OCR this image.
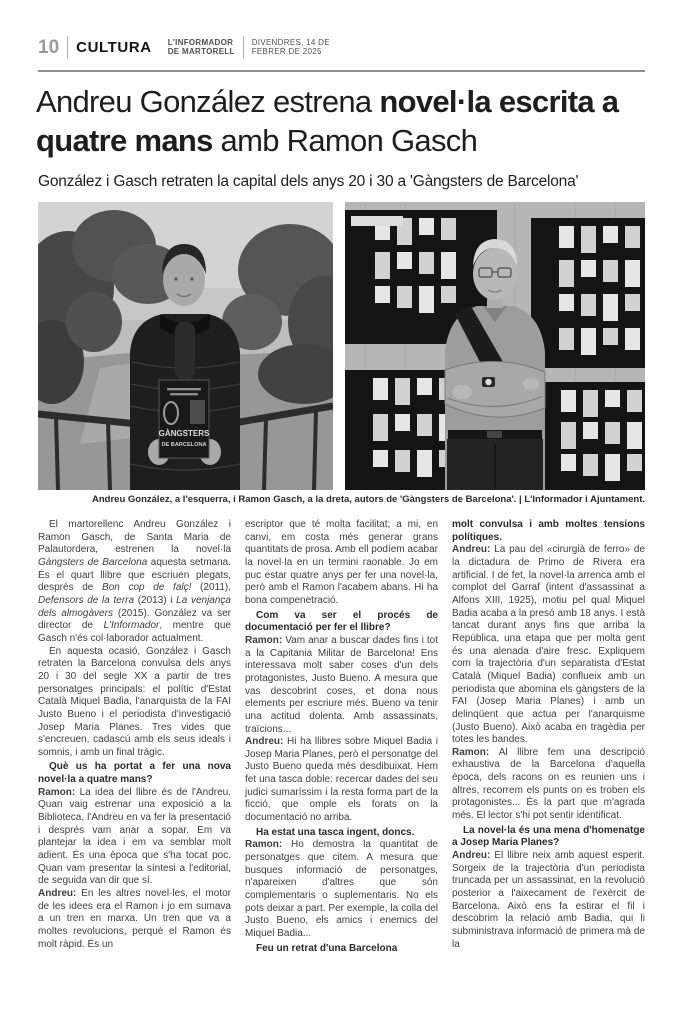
10 CULTURA L'INFORMADOR
DE MARTORELL
DIVENDRES, 14 DE
FEBRER DE 2025
Andreu González estrena novel·la escrita a quatre mans amb Ramon Gasch
González i Gasch retraten la capital dels anys 20 i 30 a 'Gàngsters de Barcelona'
GÀNGSTERS
DE BARCELONA
Andreu González, a l'esquerra, i Ramon Gasch, a la dreta, autors de 'Gàngsters de Barcelona'. | L'Informador i Ajuntament.

El martorellenc Andreu González i Ramon Gasch, de Santa Maria de Palautordera, estrenen la novel·la Gàngsters de Barcelona aquesta setmana. És el quart llibre que escriuen plegats, després de Bon cop de falç! (2011), Defensors de la terra (2013) i La venjança dels almogàvers (2015). González va ser director de L'Informador, mentre que Gasch n'és col·laborador actualment.

En aquesta ocasió, González i Gasch retraten la Barcelona convulsa dels anys 20 i 30 del segle XX a partir de tres personatges principals: el polític d'Estat Català Miquel Badia, l'anarquista de la FAI Justo Bueno i el periodista d'investigació Josep Maria Planes. Tres vides que s'encreuen, cadascú amb els seus ideals i somnis, i amb un final tràgic.

Què us ha portat a fer una nova novel·la a quatre mans?

Ramon: La idea del llibre és de l'Andreu. Quan vaig estrenar una exposició a la Biblioteca, l'Andreu en va fer la presentació i després vam anar a sopar. Em va plantejar la idea i em va semblar molt adient. És una època que s'ha tocat poc. Quan vam presentar la síntesi a l'editorial, de seguida van dir que sí.

Andreu: En les altres novel·les, el motor de les idees era el Ramon i jo em sumava a un tren en marxa. Un tren que va a moltes revolucions, perquè el Ramon és molt ràpid. És un

escriptor que té molta facilitat; a mi, en canvi, em costa més generar grans quantitats de prosa. Amb ell podíem acabar la novel·la en un termini raonable. Jo em puc estar quatre anys per fer una novel·la, però amb el Ramon l'acabem abans. Hi ha bona compenetració.

Com va ser el procés de documentació per fer el llibre?

Ramon: Vam anar a buscar dades fins i tot a la Capitania Militar de Barcelona! Ens interessava molt saber coses d'un dels protagonistes, Justo Bueno. A mesura que vas descobrint coses, et dona nous elements per escriure més. Bueno va tenir una actitud dolenta. Amb assassinats, traïcions...

Andreu: Hi ha llibres sobre Miquel Badia i Josep Maria Planes, però el personatge del Justo Bueno queda més desdibuixat. Hem fet una tasca doble: recercar dades del seu judici sumaríssim i la resta forma part de la ficció, que omple els forats on la documentació no arriba.

Ha estat una tasca ingent, doncs.

Ramon: Ho demostra la quantitat de personatges que citem. A mesura que busques informació de personatges, n'apareixen d'altres que són complementaris o suplementaris. No els pots deixar a part. Per exemple, la colla del Justo Bueno, els amics i enemics del Miquel Badia...

Feu un retrat d'una Barcelona

molt convulsa i amb moltes tensions polítiques.

Andreu: La pau del «cirurgià de ferro» de la dictadura de Primo de Rivera era artificial. I de fet, la novel·la arrenca amb el complot del Garraf (intent d'assassinat a Alfons XIII, 1925), motiu pel qual Miquel Badia acaba a la presó amb 18 anys. I està tancat durant anys fins que arriba la República, una etapa que per molta gent és una alenada d'aire fresc. Expliquem com la trajectòria d'un separatista d'Estat Català (Miquel Badia) conflueix amb un periodista que abomina els gàngsters de la FAI (Josep Maria Planes) i amb un delinqüent que actua per l'anarquisme (Justo Bueno). Això acaba en tragèdia per totes les bandes.

Ramon: Al llibre fem una descripció exhaustiva de la Barcelona d'aquella època, dels racons on es reunien uns i altres, recorrem els punts on es troben els protagonistes... És la part que m'agrada més. El lector s'hi pot sentir identificat.

La novel·la és una mena d'homenatge a Josep Maria Planes?

Andreu: El llibre neix amb aquest esperit. Sorgeix de la trajectòria d'un periodista truncada per un assassinat, en la revolució posterior a l'aixecament de l'exèrcit de Barcelona. Això ens fa estirar el fil i descobrim la relació amb Badia, qui li subministrava informació de primera mà de la
